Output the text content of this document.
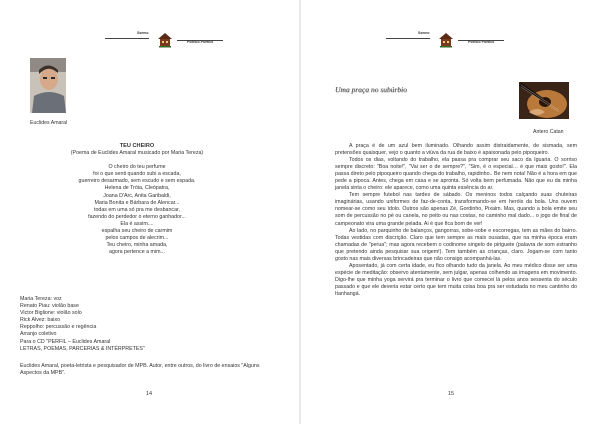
Ssemo
Poético Poético
Euclides Amaral
TEU CHEIRO
(Poema de Euclides Amaral musicado por Maria Tereza)
O cheiro do teu perfume
foi o que senti quando subi a escada,
guerreiro desarmado, sem escudo e sem espada.
Helena de Tróia, Cleópatra,
Joana D'Arc, Anita Garibaldi,
Maria Bonita e Bárbara de Alencar...
todas em uma só pra me desbancar,
fazendo do perdedor o eterno ganhador...
Ela é assim....
espalha seu cheiro de carmim
pelos campos de alecrim...
Teu cheiro, minha amada,
agora pertence a mim...
Maria Tereza: voz
Renato Piau: violão base
Victor Biglione: violão solo
Rick Alvez: baixo
Reppolho: percussão e regência
Arranjo coletivo
Para o CD "PERFIL – Euclides Amaral
LETRAS, POEMAS, PARCERIAS & INTÉRPRETES"
Euclides Amaral, poeta-letrista e pesquisador de MPB. Autor, entre outros, do livro de ensaios "Alguns Aspectos da MPB".
14
Ssemo
Poético Poético
Uma praça no subúrbio
Antero Catan

A praça é de um azul bem iluminado. Olhando assim distraidamente, de sismada, sem pretensões quaisquer, vejo o quanto a viúva da rua de baixo é apaixonada pelo pipoqueiro.

Todos os dias, voltando do trabalho, ela passa pra comprar seu saco da Iguaria. O sorriso sempre discreto: "Boa noite!", "Vai ser o de sempre?", "Sim, é o especial… é que mais gosto!". Ela passa direto pelo pipoqueiro quando chega do trabalho, rapidinho.. Be nem nota! Não é a hora em que pede a pipoca. Antes, chega em casa e se apronta. Só volta bem perfumada. Não que eu da minha janela sinta o cheiro: ele aparece, como uma quinta essência do ar.

Tem sempre futebol nas tardes de sábado. Os meninos todos calçando suas chuteiras imaginárias, usando uniformes de faz-de-conta, transformando-se em heróis da bola. Uns ouvem nomear-se como seu ídolo. Outros são apenas Zé, Gordinho, Pixaim. Mas, quando a bola emite seu som de percussão no pé ou canela, no peito ou nas costas, no caminho mal dado... o jogo de final de campeonato vira uma grande pelada. Ai é que fica bom de ver!

Ao lado, no parquinho de balanços, gangorras, sobe-sobe e escorregas, tem as mães do bairro. Todas vestidas com discrição. Claro que tem sempre as mais ousadas, que na minha época eram chamadas de "perua"; mas agora recebem o codinome singelo de piriguete (palavra de som estranho que pretendo ainda pesquisar sua origem!). Tem também as crianças, claro. Jogam-se com tanto gosto nas mais diversas brincadeiras que não consigo acompanhá-las.

Aposentado, já com certa idade, eu fico olhando tudo da janela. Ao meu médico disse ser uma espécie de meditação: observo atentamente, sem julgar, apenas colhendo as imagens em movimento. Digo-lhe que minha yoga servirá pra terminar o livro que comecei lá pelos anos sessenta do século passado e que ele deveria estar certo que tem muita coisa boa pra ser estudada no meu cantinho do Itanhangá.

15
